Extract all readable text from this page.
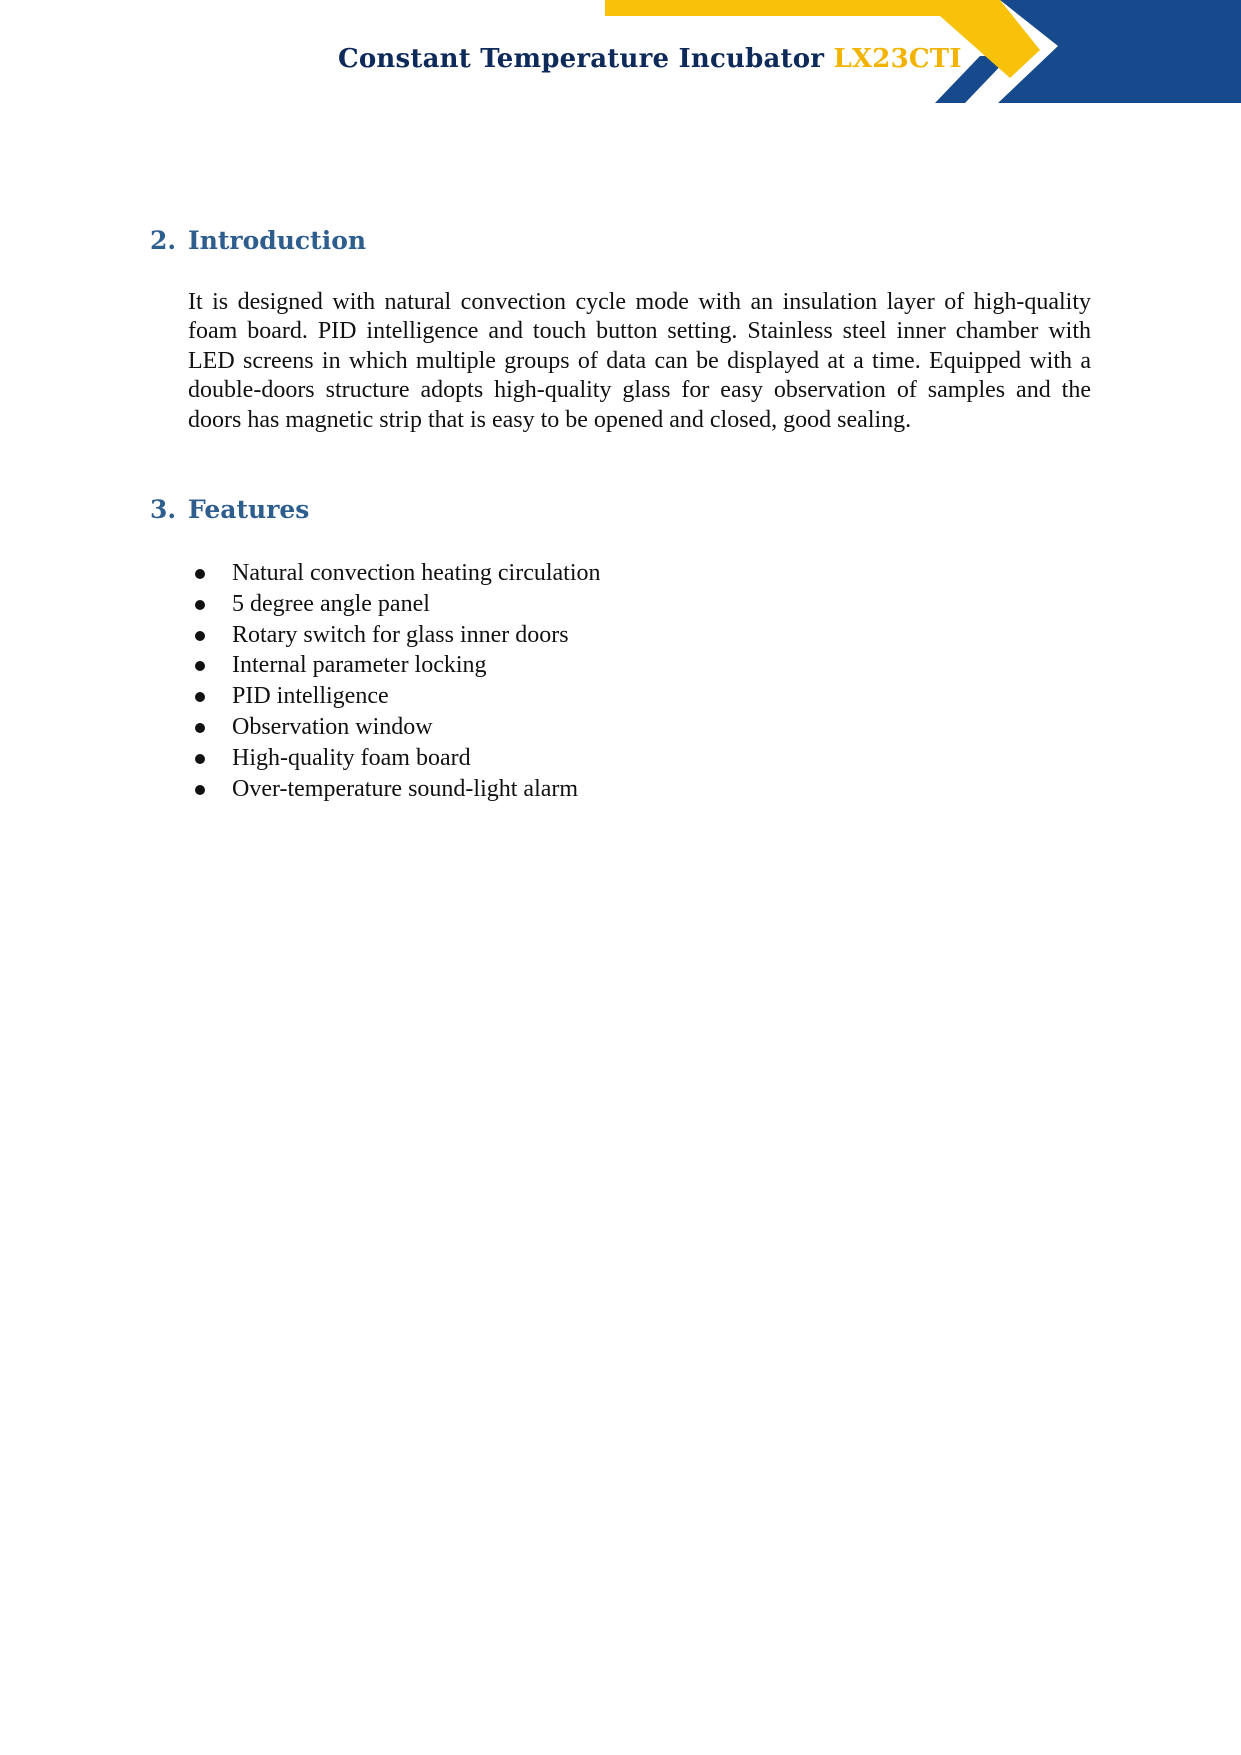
Constant Temperature Incubator LX23CTI
2. Introduction

It is designed with natural convection cycle mode with an insulation layer of high-quality foam board. PID intelligence and touch button setting. Stainless steel inner chamber with LED screens in which multiple groups of data can be displayed at a time. Equipped with a double-doors structure adopts high-quality glass for easy observation of samples and the doors has magnetic strip that is easy to be opened and closed, good sealing.

3. Features
Natural convection heating circulation
5 degree angle panel
Rotary switch for glass inner doors
Internal parameter locking
PID intelligence
Observation window
High-quality foam board
Over-temperature sound-light alarm
